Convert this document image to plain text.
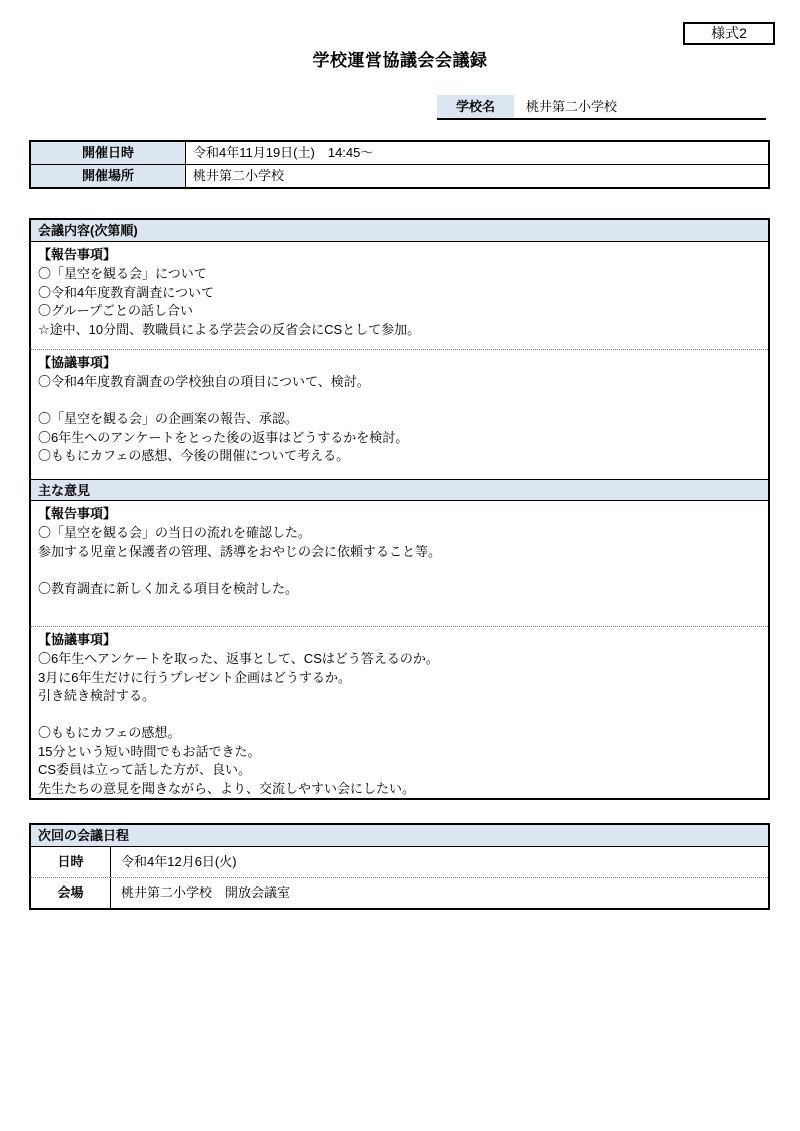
様式2
学校運営協議会会議録
学校名	桃井第二小学校
開催日時	令和4年11月19日(土)　14:45～
開催場所	桃井第二小学校
会議内容(次第順)
【報告事項】
〇「星空を観る会」について
〇令和4年度教育調査について
〇グループごとの話し合い
☆途中、10分間、教職員による学芸会の反省会にCSとして参加。
【協議事項】
〇令和4年度教育調査の学校独自の項目について、検討。

〇「星空を観る会」の企画案の報告、承認。
〇6年生へのアンケートをとった後の返事はどうするかを検討。
〇ももにカフェの感想、今後の開催について考える。
主な意見
【報告事項】
〇「星空を観る会」の当日の流れを確認した。
参加する児童と保護者の管理、誘導をおやじの会に依頼すること等。

〇教育調査に新しく加える項目を検討した。
【協議事項】
〇6年生へアンケートを取った、返事として、CSはどう答えるのか。
3月に6年生だけに行うプレゼント企画はどうするか。
引き続き検討する。

〇ももにカフェの感想。
15分という短い時間でもお話できた。
CS委員は立って話した方が、良い。
先生たちの意見を聞きながら、より、交流しやすい会にしたい。
次回の会議日程
日時	令和4年12月6日(火)
会場	桃井第二小学校　開放会議室
